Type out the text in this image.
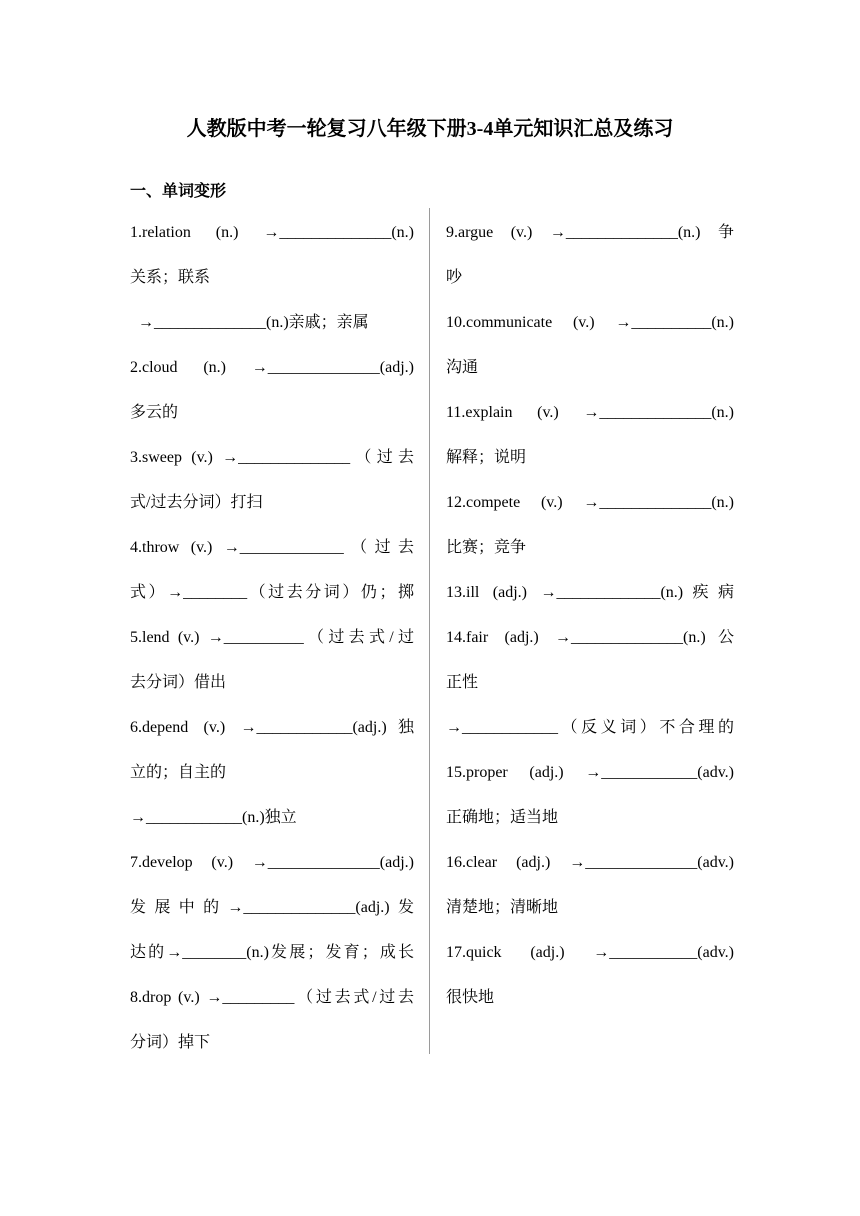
人教版中考一轮复习八年级下册3-4单元知识汇总及练习
一、单词变形
1.relation (n.) →______________(n.)
关系；联系
→______________(n.)亲戚；亲属
2.cloud (n.) →______________(adj.)
多云的
3.sweep (v.) →______________（过去
式/过去分词）打扫
4.throw (v.) →_____________（过去
式）→________（过去分词）仍；掷
5.lend (v.) →__________（过去式/过
去分词）借出
6.depend (v.) →____________(adj.)独
立的；自主的
→____________(n.)独立
7.develop (v.) →______________(adj.)
发展中的→______________(adj.)发
达的→________(n.)发展；发育；成长
8.drop (v.) →_________（过去式/过去
分词）掉下
9.argue (v.) →______________(n.) 争
吵
10.communicate (v.) →__________(n.)
沟通
11.explain (v.) →______________(n.)
解释；说明
12.compete (v.) →______________(n.)
比赛；竞争
13.ill (adj.) →_____________(n.)疾病
14.fair (adj.) →______________(n.)公
正性
→____________（反义词）不合理的
15.proper (adj.) →____________(adv.)
正确地；适当地
16.clear (adj.) →______________(adv.)
清楚地；清晰地
17.quick (adj.) →___________(adv.)
很快地
